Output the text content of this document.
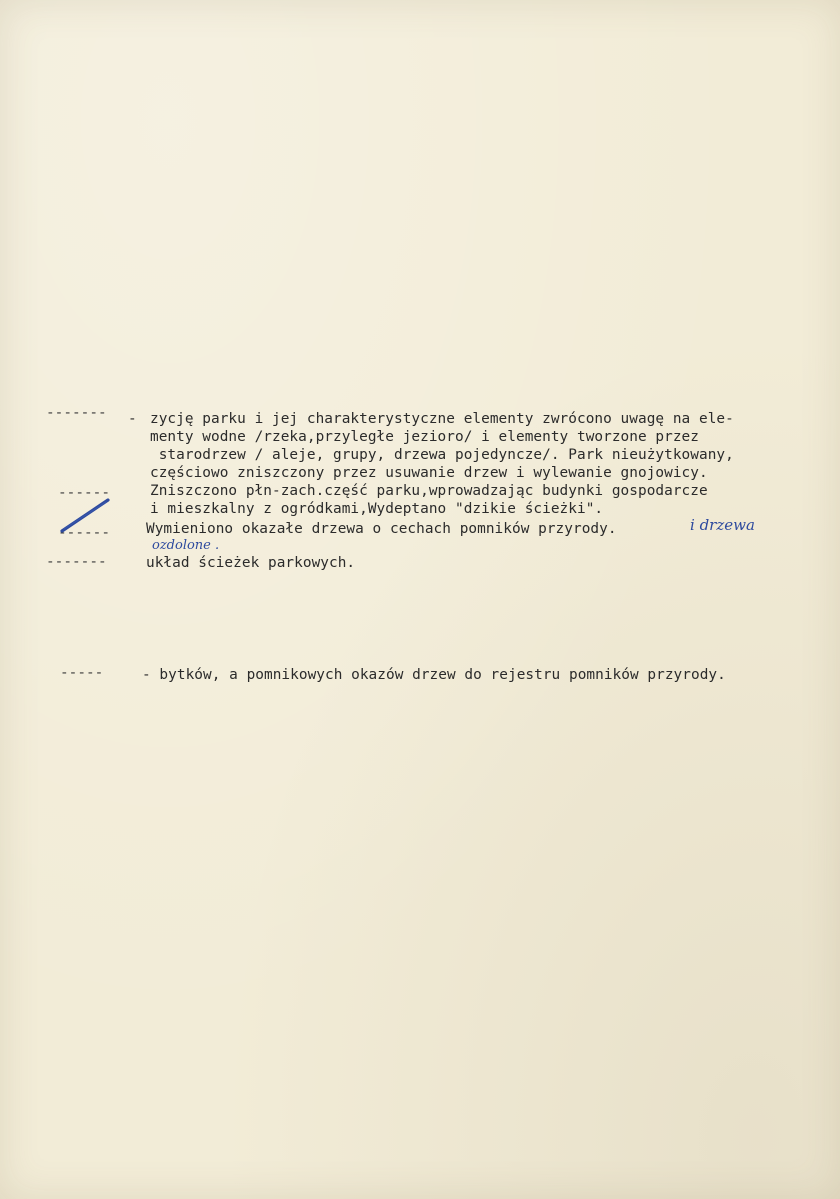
------- - zycję parku i jej charakterystyczne elementy zwrócono uwagę na ele-
menty wodne /rzeka,przyległe jezioro/ i elementy tworzone przez
starodrzew / aleje, grupy, drzewa pojedyncze/. Park nieużytkowany,
częściowo zniszczony przez usuwanie drzew i wylewanie gnojowicy.
Zniszczono płn-zach.część parku,wprowadzając budynki gospodarcze
i mieszkalny z ogródkami,Wydeptano "dzikie ścieżki".
------
------
-------
Wymieniono okazałe drzewa o cechach pomników przyrody.	i drzewa
ozdolone .
układ ścieżek parkowych.
-----	- bytków, a pomnikowych okazów drzew do rejestru pomników przyrody.
